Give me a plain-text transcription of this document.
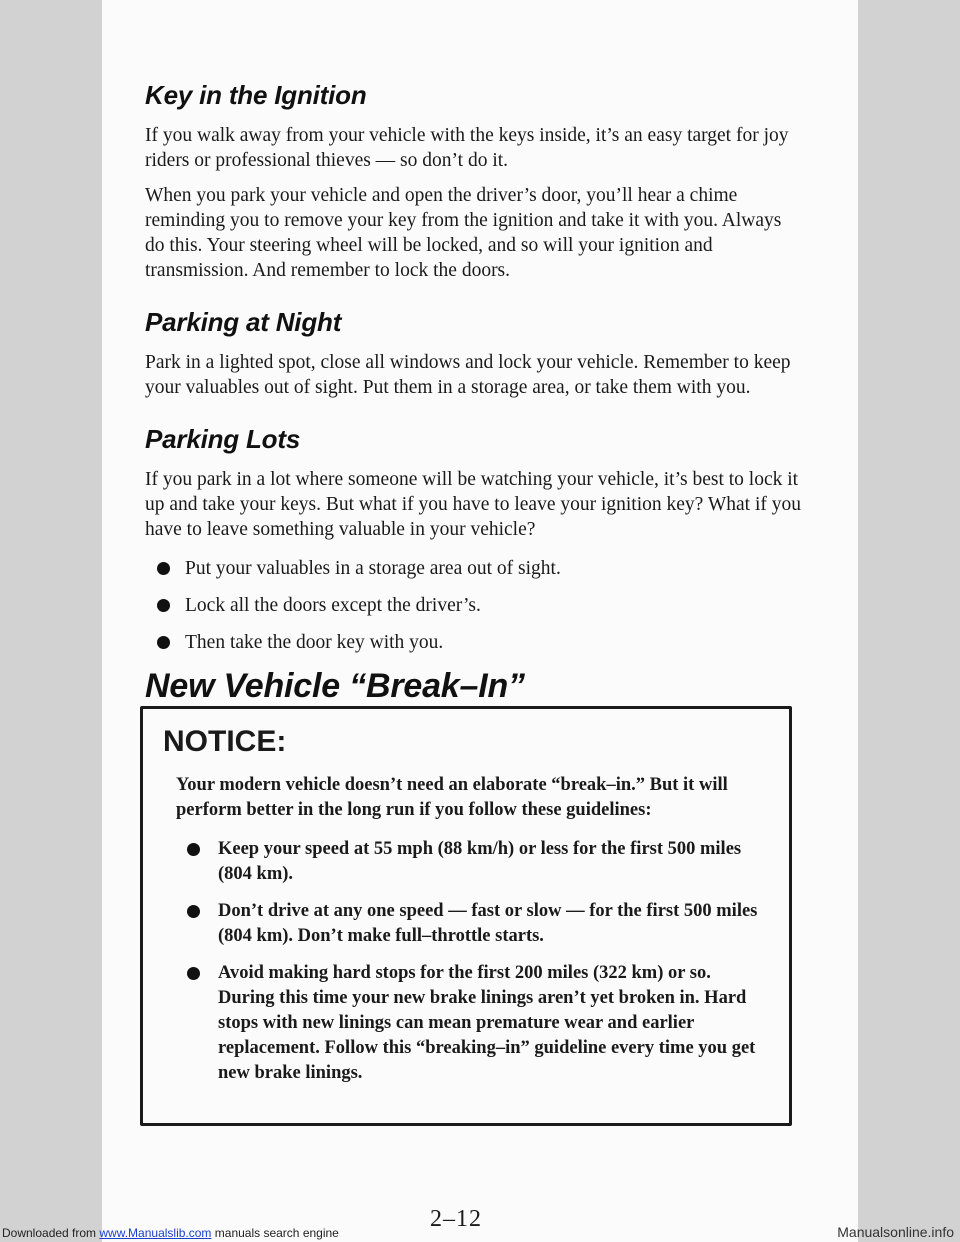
Key in the Ignition

If you walk away from your vehicle with the keys inside, it’s an easy target for joy riders or professional thieves — so don’t do it.

When you park your vehicle and open the driver’s door, you’ll hear a chime reminding you to remove your key from the ignition and take it with you. Always do this. Your steering wheel will be locked, and so will your ignition and transmission. And remember to lock the doors.

Parking at Night

Park in a lighted spot, close all windows and lock your vehicle. Remember to keep your valuables out of sight. Put them in a storage area, or take them with you.

Parking Lots

If you park in a lot where someone will be watching your vehicle, it’s best to lock it up and take your keys. But what if you have to leave your ignition key? What if you have to leave something valuable in your vehicle?

Put your valuables in a storage area out of sight.
Lock all the doors except the driver’s.
Then take the door key with you.
New Vehicle “Break–In”
NOTICE:

Your modern vehicle doesn’t need an elaborate “break–in.” But it will perform better in the long run if you follow these guidelines:

Keep your speed at 55 mph (88 km/h) or less for the first 500 miles (804 km).
Don’t drive at any one speed — fast or slow — for the first 500 miles (804 km). Don’t make full–throttle starts.
Avoid making hard stops for the first 200 miles (322 km) or so. During this time your new brake linings aren’t yet broken in. Hard stops with new linings can mean premature wear and earlier replacement. Follow this “breaking–in” guideline every time you get new brake linings.
2–12
Downloaded from www.Manualslib.com manuals search engine	Manualsonline.info
